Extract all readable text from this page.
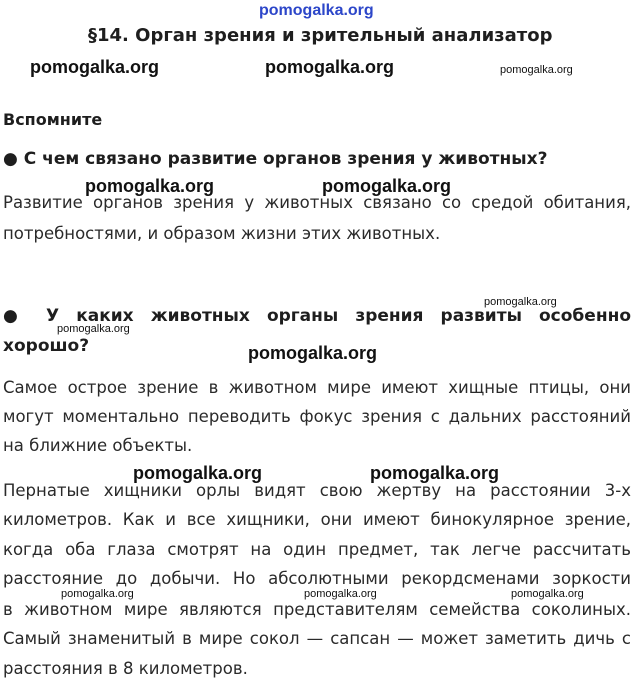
pomogalka.org
§14. Орган зрения и зрительный анализатор
pomogalka.org	pomogalka.org	pomogalka.org
Вспомните
● С чем связано развитие органов зрения у животных?
pomogalka.org	pomogalka.org
Развитие органов зрения у животных связано со средой обитания,
потребностями, и образом жизни этих животных.
pomogalka.org
● У каких животных органы зрения развиты особенно
pomogalka.org
хорошо?	pomogalka.org
Самое острое зрение в животном мире имеют хищные птицы, они
могут моментально переводить фокус зрения с дальних расстояний
на ближние объекты.
pomogalka.org	pomogalka.org
Пернатые хищники орлы видят свою жертву на расстоянии 3-х
километров. Как и все хищники, они имеют бинокулярное зрение,
когда оба глаза смотрят на один предмет, так легче рассчитать
расстояние до добычи. Но абсолютными рекордсменами зоркости
pomogalka.org	pomogalka.org	pomogalka.org
в животном мире являются представителям семейства соколиных.
Самый знаменитый в мире сокол — сапсан — может заметить дичь с
расстояния в 8 километров.
